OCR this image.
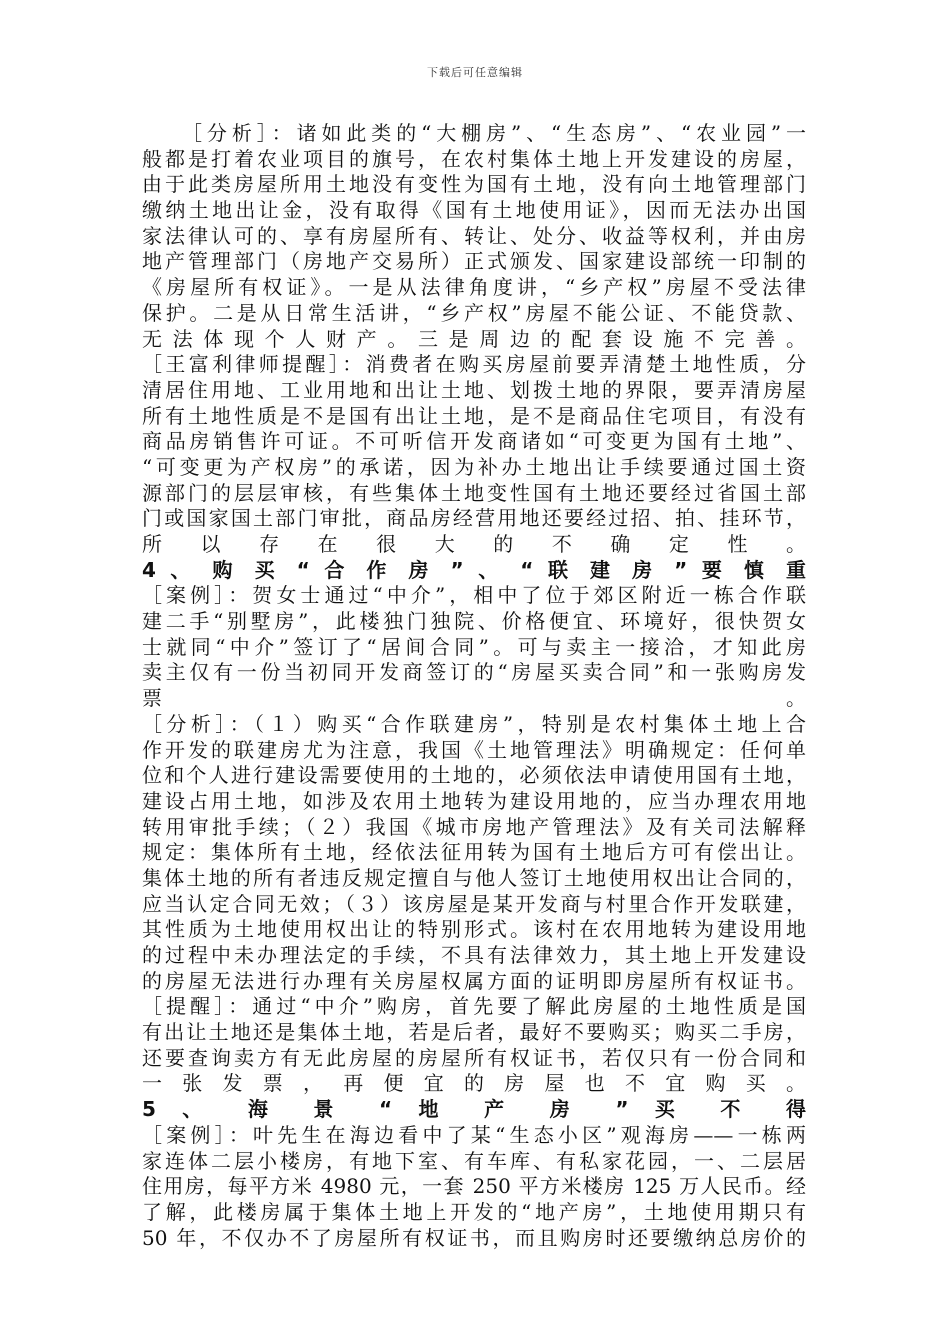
下载后可任意编辑
［分析］：诸如此类的“大棚房”、“生态房”、“农业园”一
般都是打着农业项目的旗号，在农村集体土地上开发建设的房屋，
由于此类房屋所用土地没有变性为国有土地，没有向土地管理部门
缴纳土地出让金，没有取得《国有土地使用证》，因而无法办出国
家法律认可的、享有房屋所有、转让、处分、收益等权利，并由房
地产管理部门（房地产交易所）正式颁发、国家建设部统一印制的
《房屋所有权证》。一是从法律角度讲，“乡产权”房屋不受法律
保护。二是从日常生活讲，“乡产权”房屋不能公证、不能贷款、
无 法 体 现 个 人 财 产 。 三 是 周 边 的 配 套 设 施 不 完 善 。
［王富利律师提醒］：消费者在购买房屋前要弄清楚土地性质，分
清居住用地、工业用地和出让土地、划拨土地的界限，要弄清房屋
所有土地性质是不是国有出让土地，是不是商品住宅项目，有没有
商品房销售许可证。不可听信开发商诸如“可变更为国有土地”、
“可变更为产权房”的承诺，因为补办土地出让手续要通过国土资
源部门的层层审核，有些集体土地变性国有土地还要经过省国土部
门或国家国土部门审批，商品房经营用地还要经过招、拍、挂环节，
所 以 存 在 很 大 的 不 确 定 性 。
4 、 购 买 “ 合 作 房 ” 、 “ 联 建 房 ” 要 慎 重
［案例］：贺女士通过“中介”，相中了位于郊区附近一栋合作联
建二手“别墅房”，此楼独门独院、价格便宜、环境好，很快贺女
士就同“中介”签订了“居间合同”。可与卖主一接洽，才知此房
卖主仅有一份当初同开发商签订的“房屋买卖合同”和一张购房发
票 。
［分析］：（１）购买“合作联建房”，特别是农村集体土地上合
作开发的联建房尤为注意，我国《土地管理法》明确规定：任何单
位和个人进行建设需要使用的土地的，必须依法申请使用国有土地，
建设占用土地，如涉及农用土地转为建设用地的，应当办理农用地
转用审批手续；（２）我国《城市房地产管理法》及有关司法解释
规定：集体所有土地，经依法征用转为国有土地后方可有偿出让。
集体土地的所有者违反规定擅自与他人签订土地使用权出让合同的，
应当认定合同无效；（３）该房屋是某开发商与村里合作开发联建，
其性质为土地使用权出让的特别形式。该村在农用地转为建设用地
的过程中未办理法定的手续，不具有法律效力，其土地上开发建设
的房屋无法进行办理有关房屋权属方面的证明即房屋所有权证书。
［提醒］：通过“中介”购房，首先要了解此房屋的土地性质是国
有出让土地还是集体土地，若是后者，最好不要购买；购买二手房，
还要查询卖方有无此房屋的房屋所有权证书，若仅只有一份合同和
一 张 发 票 ， 再 便 宜 的 房 屋 也 不 宜 购 买 。
5 、 海 景 “ 地 产 房 ” 买 不 得
［案例］：叶先生在海边看中了某“生态小区”观海房——一栋两
家连体二层小楼房，有地下室、有车库、有私家花园，一、二层居
住用房，每平方米 4980 元，一套 250 平方米楼房 125 万人民币。经
了解，此楼房属于集体土地上开发的“地产房”，土地使用期只有
50 年，不仅办不了房屋所有权证书，而且购房时还要缴纳总房价的
